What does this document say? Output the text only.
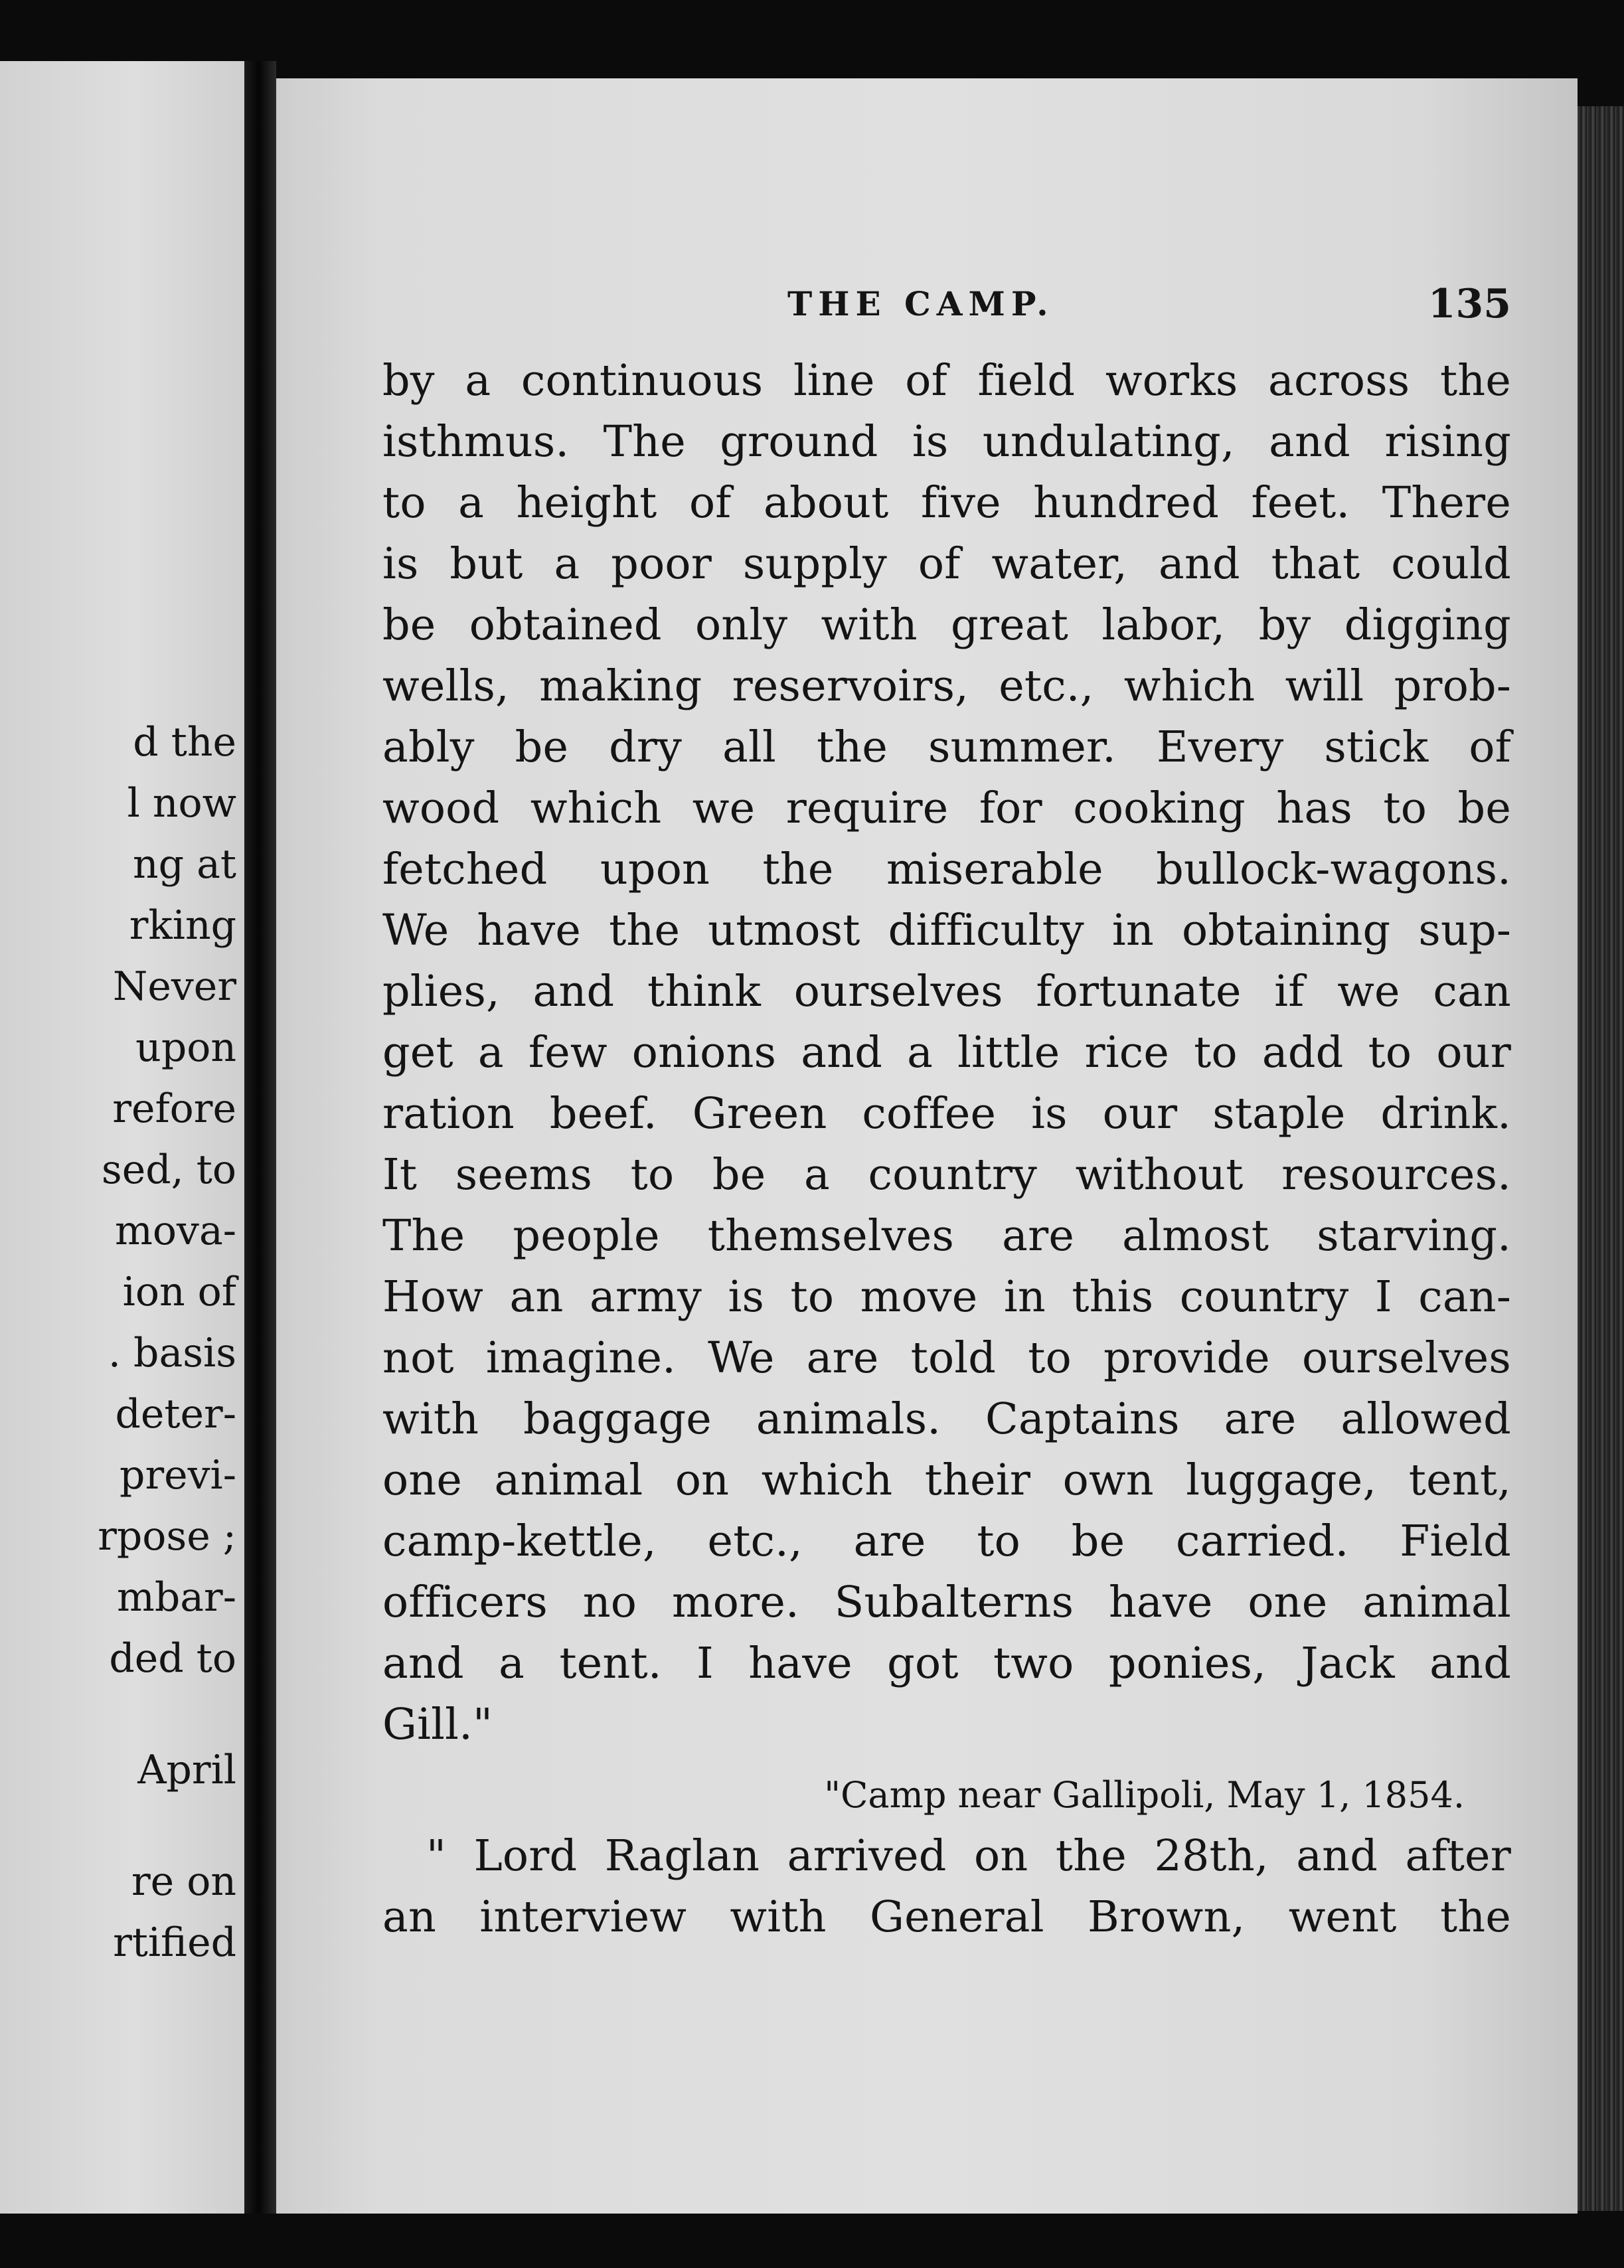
d the
l now
ng at
rking
Never
upon
refore
sed, to
mova-
ion of
. basis
deter-
previ-
rpose ;
mbar-
ded to
April
re on
rtified
THE CAMP.	135
by a continuous line of field works across the
isthmus. The ground is undulating, and rising
to a height of about five hundred feet. There
is but a poor supply of water, and that could
be obtained only with great labor, by digging
wells, making reservoirs, etc., which will prob-
ably be dry all the summer. Every stick of
wood which we require for cooking has to be
fetched upon the miserable bullock-wagons.
We have the utmost difficulty in obtaining sup-
plies, and think ourselves fortunate if we can
get a few onions and a little rice to add to our
ration beef. Green coffee is our staple drink.
It seems to be a country without resources.
The people themselves are almost starving.
How an army is to move in this country I can-
not imagine. We are told to provide ourselves
with baggage animals. Captains are allowed
one animal on which their own luggage, tent,
camp-kettle, etc., are to be carried. Field
officers no more. Subalterns have one animal
and a tent. I have got two ponies, Jack and
Gill."
"Camp near Gallipoli, May 1, 1854.
" Lord Raglan arrived on the 28th, and after
an interview with General Brown, went the
